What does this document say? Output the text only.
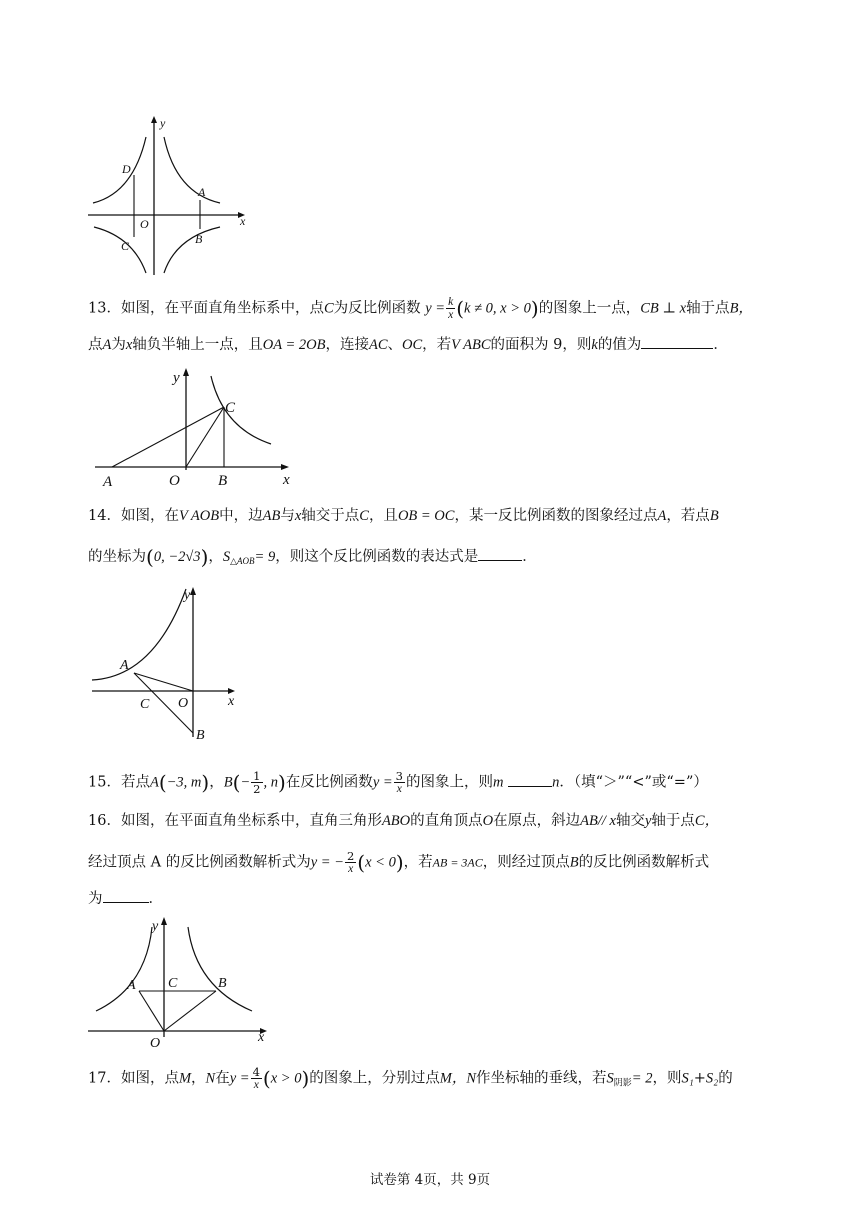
y
x
O
A
B
C
D
13．如图，在平面直角坐标系中，点C为反比例函数 $y = \frac{k}{x} (k \ne 0$, x > 0)的图象上一点，CB ⊥ x轴于点B，
点A为x轴负半轴上一点，且OA = 2OB，连接AC、OC，若V ABC的面积为 9，则k的值为	．
y
x
A	O	B
C
14．如图，在V AOB中，边AB与x轴交于点C，且OB = OC，某一反比例函数的图象经过点A，若点B
的坐标为(0, −2√3)，$S_{\triangle AOB}= 9$，则这个反比例函数的表达式是	．
y
x
A
C O
B
15．若点A(−3, m)，$B(- \frac{1}{2}$ , n)在反比例函数$y = \frac{3}{x}$ 的图象上，则m	n．（填“＞”“<”或“=”）
16．如图，在平面直角坐标系中，直角三角形ABO的直角顶点O在原点，斜边AB// x轴交y轴于点C，
经过顶点 A 的反比例函数解析式为y = − $\frac{2}{x} (x < 0)$，若AB = 3AC，则经过顶点B的反比例函数解析式
为	．
y
x
A C	B
O
17．如图，点M，N在$y = \frac{4}{x} (x > 0)$的图象上，分别过点M，N作坐标轴的垂线，若$S_{阴影}= 2$，则S₁+S₂的
试卷第 4页，共 9页
